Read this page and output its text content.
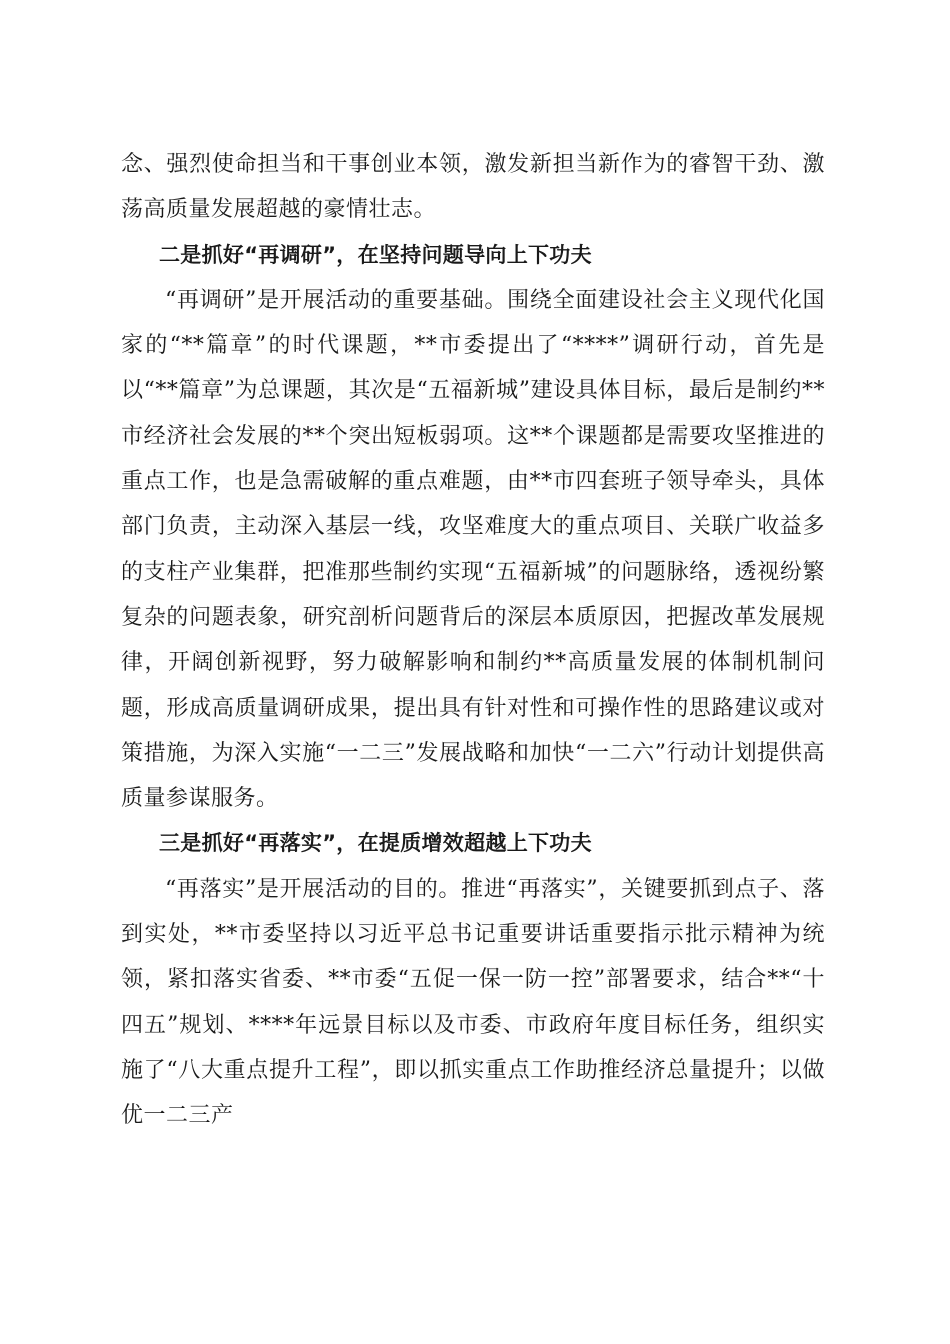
念、强烈使命担当和干事创业本领，激发新担当新作为的睿智干劲、激荡高质量发展超越的豪情壮志。

二是抓好“再调研”，在坚持问题导向上下功夫

“再调研”是开展活动的重要基础。围绕全面建设社会主义现代化国家的“**篇章”的时代课题，**市委提出了“****”调研行动，首先是以“**篇章”为总课题，其次是“五福新城”建设具体目标，最后是制约**市经济社会发展的**个突出短板弱项。这**个课题都是需要攻坚推进的重点工作，也是急需破解的重点难题，由**市四套班子领导牵头，具体部门负责，主动深入基层一线，攻坚难度大的重点项目、关联广收益多的支柱产业集群，把准那些制约实现“五福新城”的问题脉络，透视纷繁复杂的问题表象，研究剖析问题背后的深层本质原因，把握改革发展规律，开阔创新视野，努力破解影响和制约**高质量发展的体制机制问题，形成高质量调研成果，提出具有针对性和可操作性的思路建议或对策措施，为深入实施“一二三”发展战略和加快“一二六”行动计划提供高质量参谋服务。

三是抓好“再落实”，在提质增效超越上下功夫

“再落实”是开展活动的目的。推进“再落实”，关键要抓到点子、落到实处，**市委坚持以习近平总书记重要讲话重要指示批示精神为统领，紧扣落实省委、**市委“五促一保一防一控”部署要求，结合**“十四五”规划、****年远景目标以及市委、市政府年度目标任务，组织实施了“八大重点提升工程”，即以抓实重点工作助推经济总量提升；以做优一二三产
